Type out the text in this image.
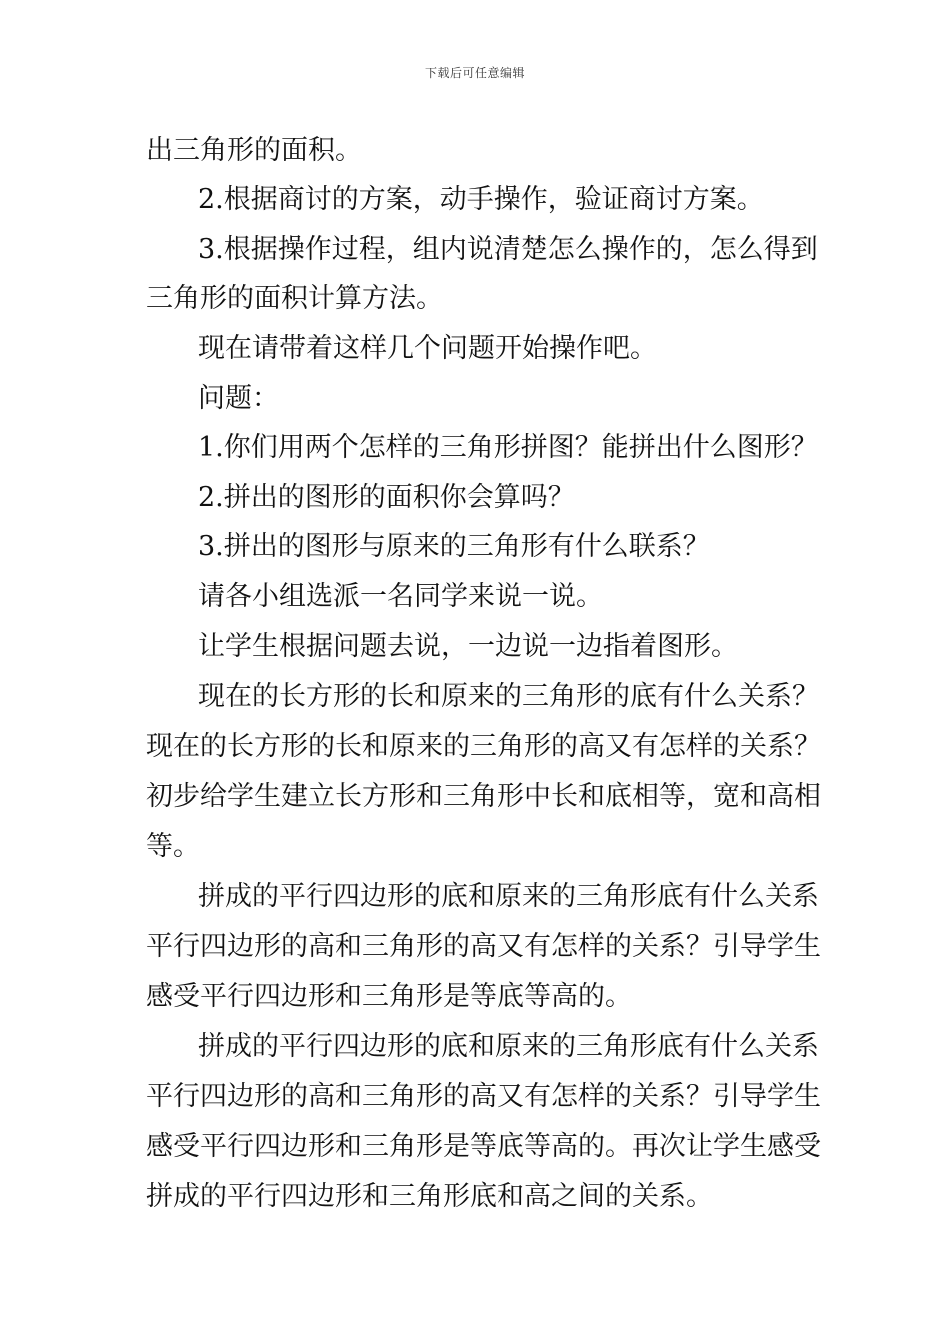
下载后可任意编辑
出三角形的面积。
2.根据商讨的方案，动手操作，验证商讨方案。
3.根据操作过程，组内说清楚怎么操作的，怎么得到
三角形的面积计算方法。
现在请带着这样几个问题开始操作吧。
问题：
1.你们用两个怎样的三角形拼图？能拼出什么图形？
2.拼出的图形的面积你会算吗？
3.拼出的图形与原来的三角形有什么联系？
请各小组选派一名同学来说一说。
让学生根据问题去说，一边说一边指着图形。
现在的长方形的长和原来的三角形的底有什么关系？
现在的长方形的长和原来的三角形的高又有怎样的关系？
初步给学生建立长方形和三角形中长和底相等，宽和高相
等。
拼成的平行四边形的底和原来的三角形底有什么关系
平行四边形的高和三角形的高又有怎样的关系？引导学生
感受平行四边形和三角形是等底等高的。
拼成的平行四边形的底和原来的三角形底有什么关系
平行四边形的高和三角形的高又有怎样的关系？引导学生
感受平行四边形和三角形是等底等高的。再次让学生感受
拼成的平行四边形和三角形底和高之间的关系。
